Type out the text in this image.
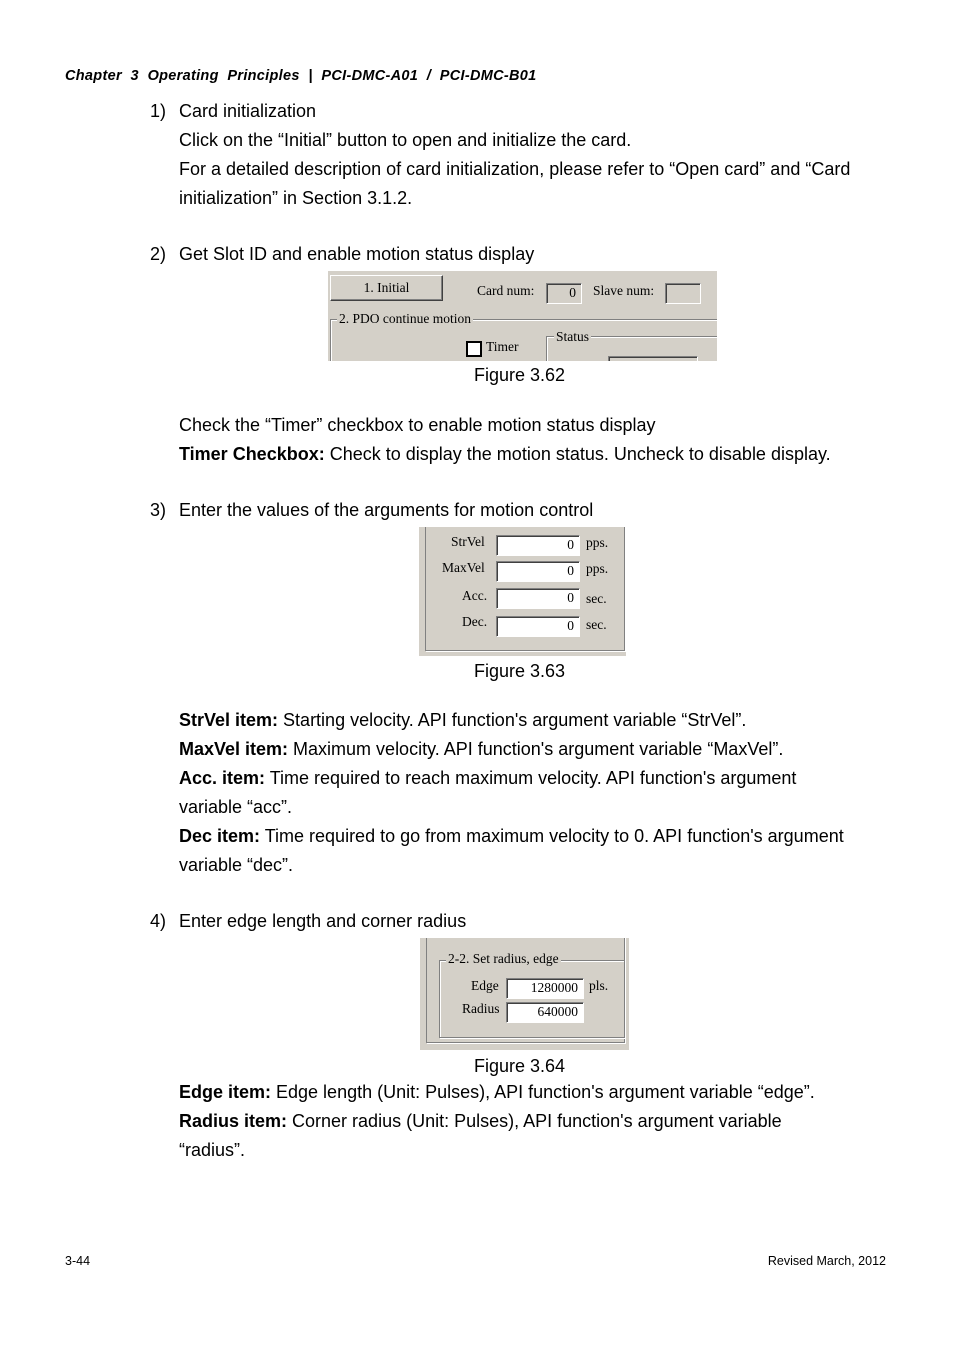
Chapter  3  Operating  Principles  |  PCI-DMC-A01  /  PCI-DMC-B01
1) Card initialization
Click on the “Initial” button to open and initialize the card.
For a detailed description of card initialization, please refer to “Open card” and “Card
initialization” in Section 3.1.2.
2) Get Slot ID and enable motion status display
1. Initial	Card num:	0	Slave num:
2. PDO continue motion
Timer
Status
Figure 3.62
Check the “Timer” checkbox to enable motion status display
Timer Checkbox: Check to display the motion status. Uncheck to disable display.
3) Enter the values of the arguments for motion control
StrVel	0 pps.
MaxVel	0 pps.
Acc.	0 sec.
Dec.	0 sec.
Figure 3.63
StrVel item: Starting velocity. API function's argument variable “StrVel”.
MaxVel item: Maximum velocity. API function's argument variable “MaxVel”.
Acc. item: Time required to reach maximum velocity. API function's argument
variable “acc”.
Dec item: Time required to go from maximum velocity to 0. API function's argument
variable “dec”.
4) Enter edge length and corner radius
2-2. Set radius, edge
Edge	1280000 pls.
Radius	640000
Figure 3.64
Edge item: Edge length (Unit: Pulses), API function's argument variable “edge”.
Radius item: Corner radius (Unit: Pulses), API function's argument variable
“radius”.
3-44	Revised March, 2012
